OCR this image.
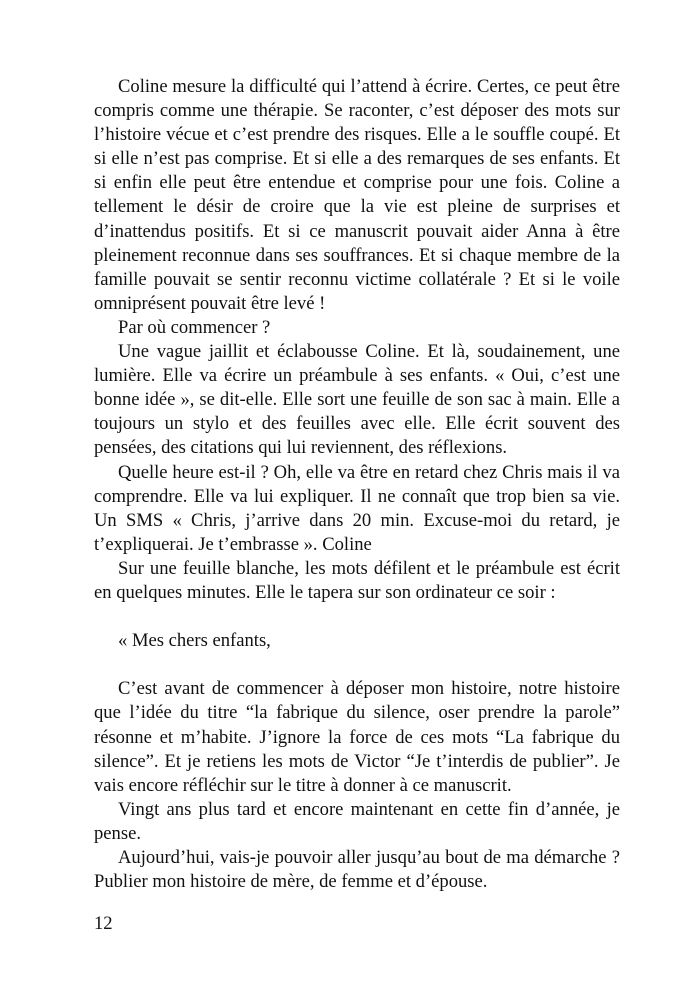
Coline mesure la difficulté qui l’attend à écrire. Certes, ce peut être
compris comme une thérapie. Se raconter, c’est déposer des mots sur
l’histoire vécue et c’est prendre des risques. Elle a le souffle coupé. Et
si elle n’est pas comprise. Et si elle a des remarques de ses enfants. Et
si enfin elle peut être entendue et comprise pour une fois. Coline a
tellement le désir de croire que la vie est pleine de surprises et
d’inattendus positifs. Et si ce manuscrit pouvait aider Anna à être
pleinement reconnue dans ses souffrances. Et si chaque membre de la
famille pouvait se sentir reconnu victime collatérale ? Et si le voile
omniprésent pouvait être levé !
Par où commencer ?
Une vague jaillit et éclabousse Coline. Et là, soudainement, une
lumière. Elle va écrire un préambule à ses enfants. « Oui, c’est une
bonne idée », se dit-elle. Elle sort une feuille de son sac à main. Elle a
toujours un stylo et des feuilles avec elle. Elle écrit souvent des
pensées, des citations qui lui reviennent, des réflexions.
Quelle heure est-il ? Oh, elle va être en retard chez Chris mais il va
comprendre. Elle va lui expliquer. Il ne connaît que trop bien sa vie.
Un SMS « Chris, j’arrive dans 20 min. Excuse-moi du retard, je
t’expliquerai. Je t’embrasse ». Coline
Sur une feuille blanche, les mots défilent et le préambule est écrit
en quelques minutes. Elle le tapera sur son ordinateur ce soir :
« Mes chers enfants,
C’est avant de commencer à déposer mon histoire, notre histoire
que l’idée du titre “la fabrique du silence, oser prendre la parole”
résonne et m’habite. J’ignore la force de ces mots “La fabrique du
silence”. Et je retiens les mots de Victor “Je t’interdis de publier”. Je
vais encore réfléchir sur le titre à donner à ce manuscrit.
Vingt ans plus tard et encore maintenant en cette fin d’année, je
pense.
Aujourd’hui, vais-je pouvoir aller jusqu’au bout de ma démarche ?
Publier mon histoire de mère, de femme et d’épouse.
12
